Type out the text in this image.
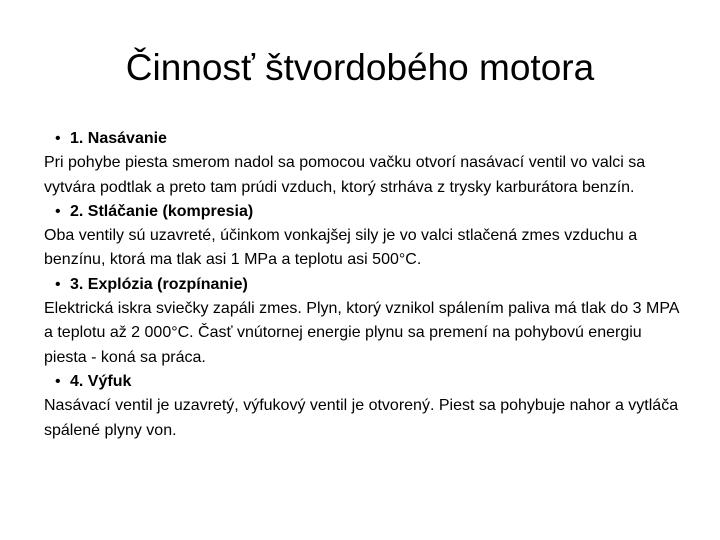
Činnosť štvordobého motora
• 1. Nasávanie
Pri pohybe piesta smerom nadol sa pomocou vačku otvorí nasávací ventil vo valci sa vytvára podtlak a preto tam prúdi vzduch, ktorý strháva z trysky karburátora benzín.
• 2. Stláčanie (kompresia)
Oba ventily sú uzavreté, účinkom vonkajšej sily je vo valci stlačená zmes vzduchu a benzínu, ktorá ma tlak asi 1 MPa a teplotu asi 500°C.
• 3. Explózia (rozpínanie)
Elektrická iskra sviečky zapáli zmes. Plyn, ktorý vznikol spálením paliva má tlak do 3 MPA a teplotu až 2 000°C. Časť vnútornej energie plynu sa premení na pohybovú energiu piesta - koná sa práca.
• 4. Výfuk
Nasávací ventil je uzavretý, výfukový ventil je otvorený. Piest sa pohybuje nahor a vytláča spálené plyny von.
